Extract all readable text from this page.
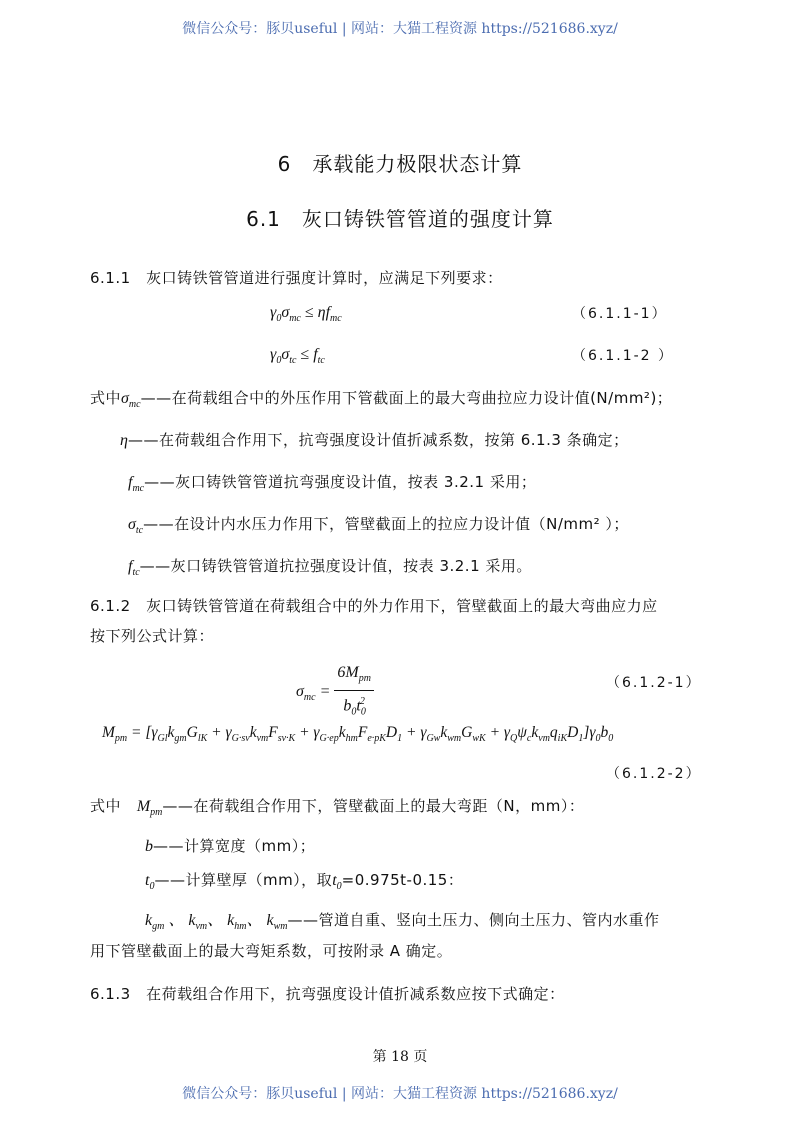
微信公众号：豚贝useful | 网站：大猫工程资源 https://521686.xyz/
6　承载能力极限状态计算
6.1　灰口铸铁管管道的强度计算
6.1.1　灰口铸铁管管道进行强度计算时，应满足下列要求：
$\gamma_0\sigma_{mc} \le \eta f_{mc}$	（6.1.1-1）
$\gamma_0\sigma_{tc} \le f_{tc}$	（6.1.1-2 ）
式中$\sigma_{mc}——$在荷载组合中的外压作用下管截面上的最大弯曲拉应力设计值(N/mm²)；
η——在荷载组合作用下，抗弯强度设计值折减系数，按第 6.1.3 条确定；
$f_{mc}——$灰口铸铁管管道抗弯强度设计值，按表 3.2.1 采用；
$\sigma_{tc}——$在设计内水压力作用下，管壁截面上的拉应力设计值（N/mm² ）；
$f_{tc}——$灰口铸铁管管道抗拉强度设计值，按表 3.2.1 采用。
6.1.2　灰口铸铁管管道在荷载组合中的外力作用下，管壁截面上的最大弯曲应力应
按下列公式计算：
$\sigma_{mc} = \frac{6M_{pm}}{b_0t_0^2}$	（6.1.2-1）
$M_{pm} = [\gamma_{Gl}k_{gm}G_{lK} + \gamma_{G\cdot sv}k_{vm}F_{sv\cdot K} + \gamma_{G\cdot ep}k_{hm}F_{e\cdot pK}D_1 + \gamma_{Gw}k_{wm}G_{wK} + \gamma_Q\psi_ck_{vm}q_{iK}D_1]\gamma_0b_0$
（6.1.2-2）
式中 $M_{pm}——$在荷载组合作用下，管壁截面上的最大弯距（N，mm）：
b——计算宽度（mm）；
$t_0——$计算壁厚（mm），取$t_0=0.975t-0.15$：
$k_{gm}$ 、 $k_{vm}$、 $k_{hm}$、 $k_{wm}——$管道自重、竖向土压力、侧向土压力、管内水重作
用下管壁截面上的最大弯矩系数，可按附录 A 确定。
6.1.3　在荷载组合作用下，抗弯强度设计值折减系数应按下式确定：
第 18 页
微信公众号：豚贝useful | 网站：大猫工程资源 https://521686.xyz/
